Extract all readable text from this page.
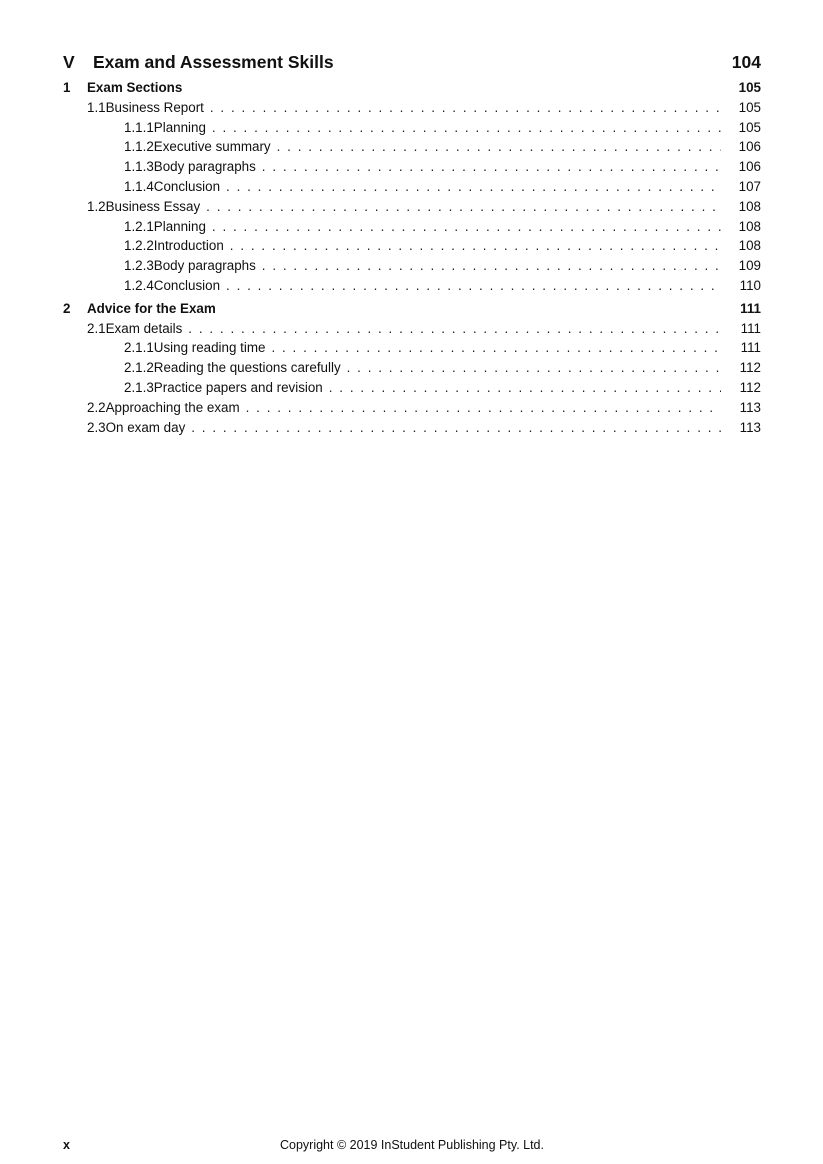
V	Exam and Assessment Skills	104
1	Exam Sections	105
1.1 Business Report . . .	105
1.1.1 Planning . . .	105
1.1.2 Executive summary . . .	106
1.1.3 Body paragraphs . . .	106
1.1.4 Conclusion . . .	107
1.2 Business Essay . . .	108
1.2.1 Planning . . .	108
1.2.2 Introduction . . .	108
1.2.3 Body paragraphs . . .	109
1.2.4 Conclusion . . .	110
2	Advice for the Exam	111
2.1 Exam details . . .	111
2.1.1 Using reading time . . .	111
2.1.2 Reading the questions carefully . . .	112
2.1.3 Practice papers and revision . . .	112
2.2 Approaching the exam . . .	113
2.3 On exam day . . .	113
x	Copyright © 2019 InStudent Publishing Pty. Ltd.
